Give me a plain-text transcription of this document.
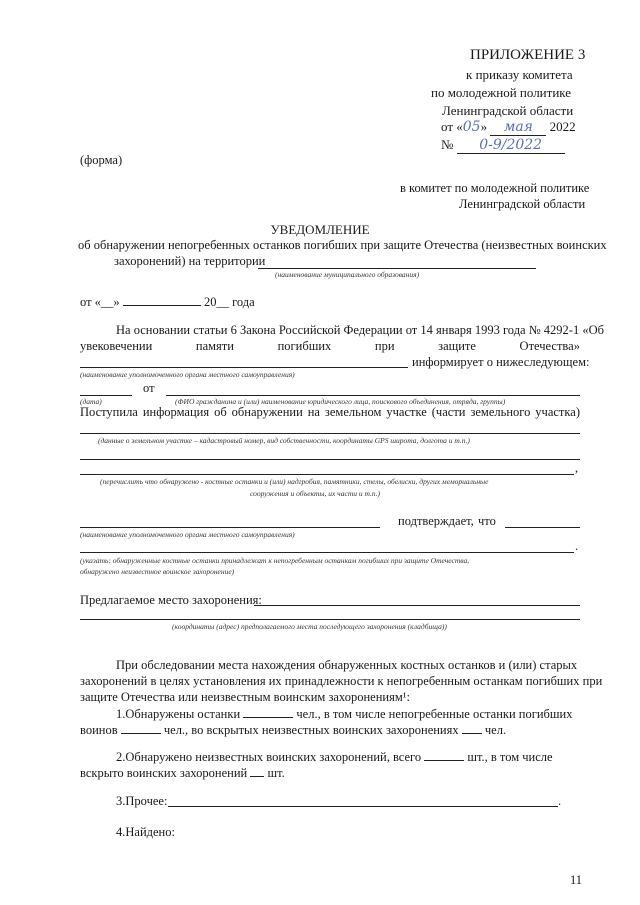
ПРИЛОЖЕНИЕ 3
к приказу комитета
по молодежной политике
Ленинградской области
от «05» мая 2022
№ 0-9/2022
(форма)
в комитет по молодежной политике
Ленинградской области
УВЕДОМЛЕНИЕ
об обнаружении непогребенных останков погибших при защите Отечества (неизвестных воинских
захоронений) на территории
(наименование муниципального образования)
от «__»	20__ года
На основании статьи 6 Закона Российской Федерации от 14 января 1993 года № 4292-1 «Об
увековечении	памяти	погибших	при	защите	Отечества»
информирует о нижеследующем:
(наименование уполномоченного органа местного самоуправления)
от
(дата)	(ФИО гражданина и (или) наименование юридического лица, поискового объединения, отряда, группы)
Поступила информация об обнаружении на земельном участке (части земельного участка)
(данные о земельном участке – кадастровый номер, вид собственности, координаты GPS широта, долгота и т.п.)
,
(перечислить что обнаружено - костные останки и (или) надгробия, памятники, стелы, обелиски, других мемориальные
сооружения и объекты, их части и т.п.)
подтверждает, что
(наименование уполномоченного органа местного самоуправления)
.
(указать: обнаруженные костные останки принадлежат к непогребенным останкам погибших при защите Отечества,
обнаружено неизвестное воинское захоронение)
Предлагаемое место захоронения:
(координаты (адрес) предполагаемого места последующего захоронения (кладбища))
При обследовании места нахождения обнаруженных костных останков и (или) старых
захоронений в целях установления их принадлежности к непогребенным останкам погибших при
защите Отечества или неизвестным воинским захоронениям¹:
1.Обнаружены останки	чел., в том числе непогребенные останки погибших
воинов	чел., во вскрытых неизвестных воинских захоронениях чел.
2.Обнаружено неизвестных воинских захоронений, всего	шт., в том числе
вскрыто воинских захоронений шт.
3.Прочее:	.
4.Найдено:
11
